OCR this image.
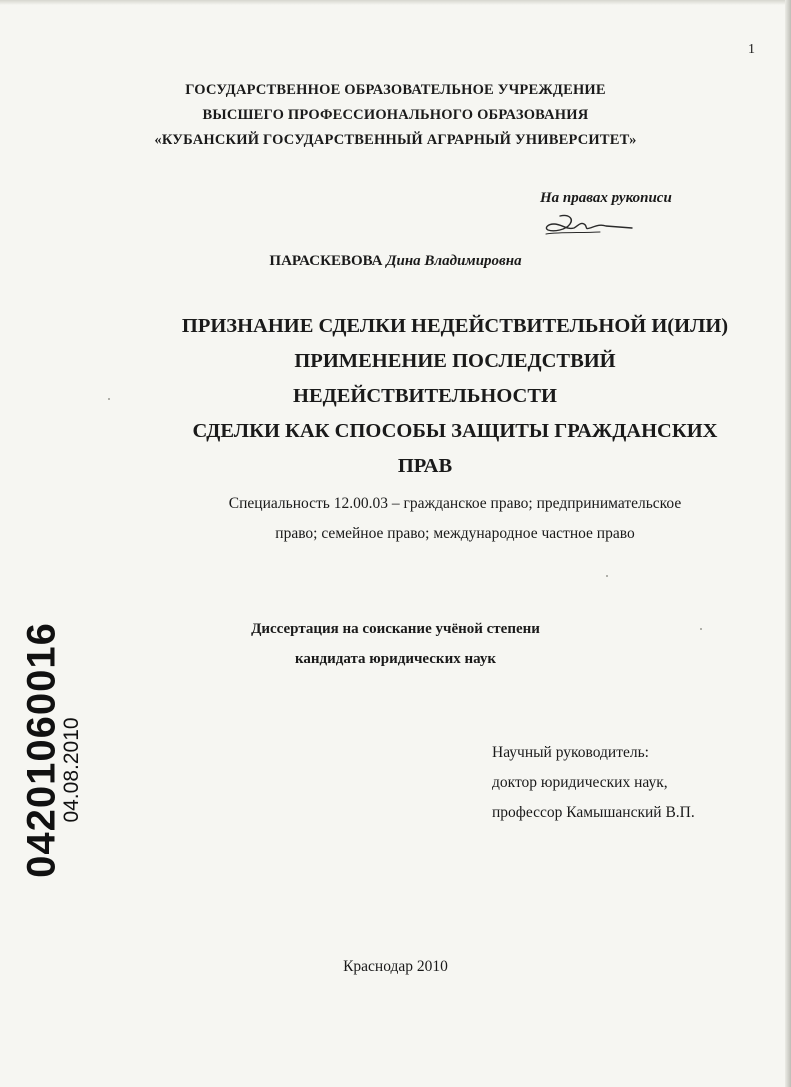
1
ГОСУДАРСТВЕННОЕ ОБРАЗОВАТЕЛЬНОЕ УЧРЕЖДЕНИЕ
ВЫСШЕГО ПРОФЕССИОНАЛЬНОГО ОБРАЗОВАНИЯ
«КУБАНСКИЙ ГОСУДАРСТВЕННЫЙ АГРАРНЫЙ УНИВЕРСИТЕТ»
На правах рукописи
ПАРАСКЕВОВА Дина Владимировна
ПРИЗНАНИЕ СДЕЛКИ НЕДЕЙСТВИТЕЛЬНОЙ И(ИЛИ)
ПРИМЕНЕНИЕ ПОСЛЕДСТВИЙ
НЕДЕЙСТВИТЕЛЬНОСТИ
СДЕЛКИ КАК СПОСОБЫ ЗАЩИТЫ ГРАЖДАНСКИХ
ПРАВ
Специальность 12.00.03 – гражданское право; предпринимательское
право; семейное право; международное частное право
Диссертация на соискание учёной степени
кандидата юридических наук
Научный руководитель:
доктор юридических наук,
профессор Камышанский В.П.
Краснодар 2010
04201060016
04.08.2010
